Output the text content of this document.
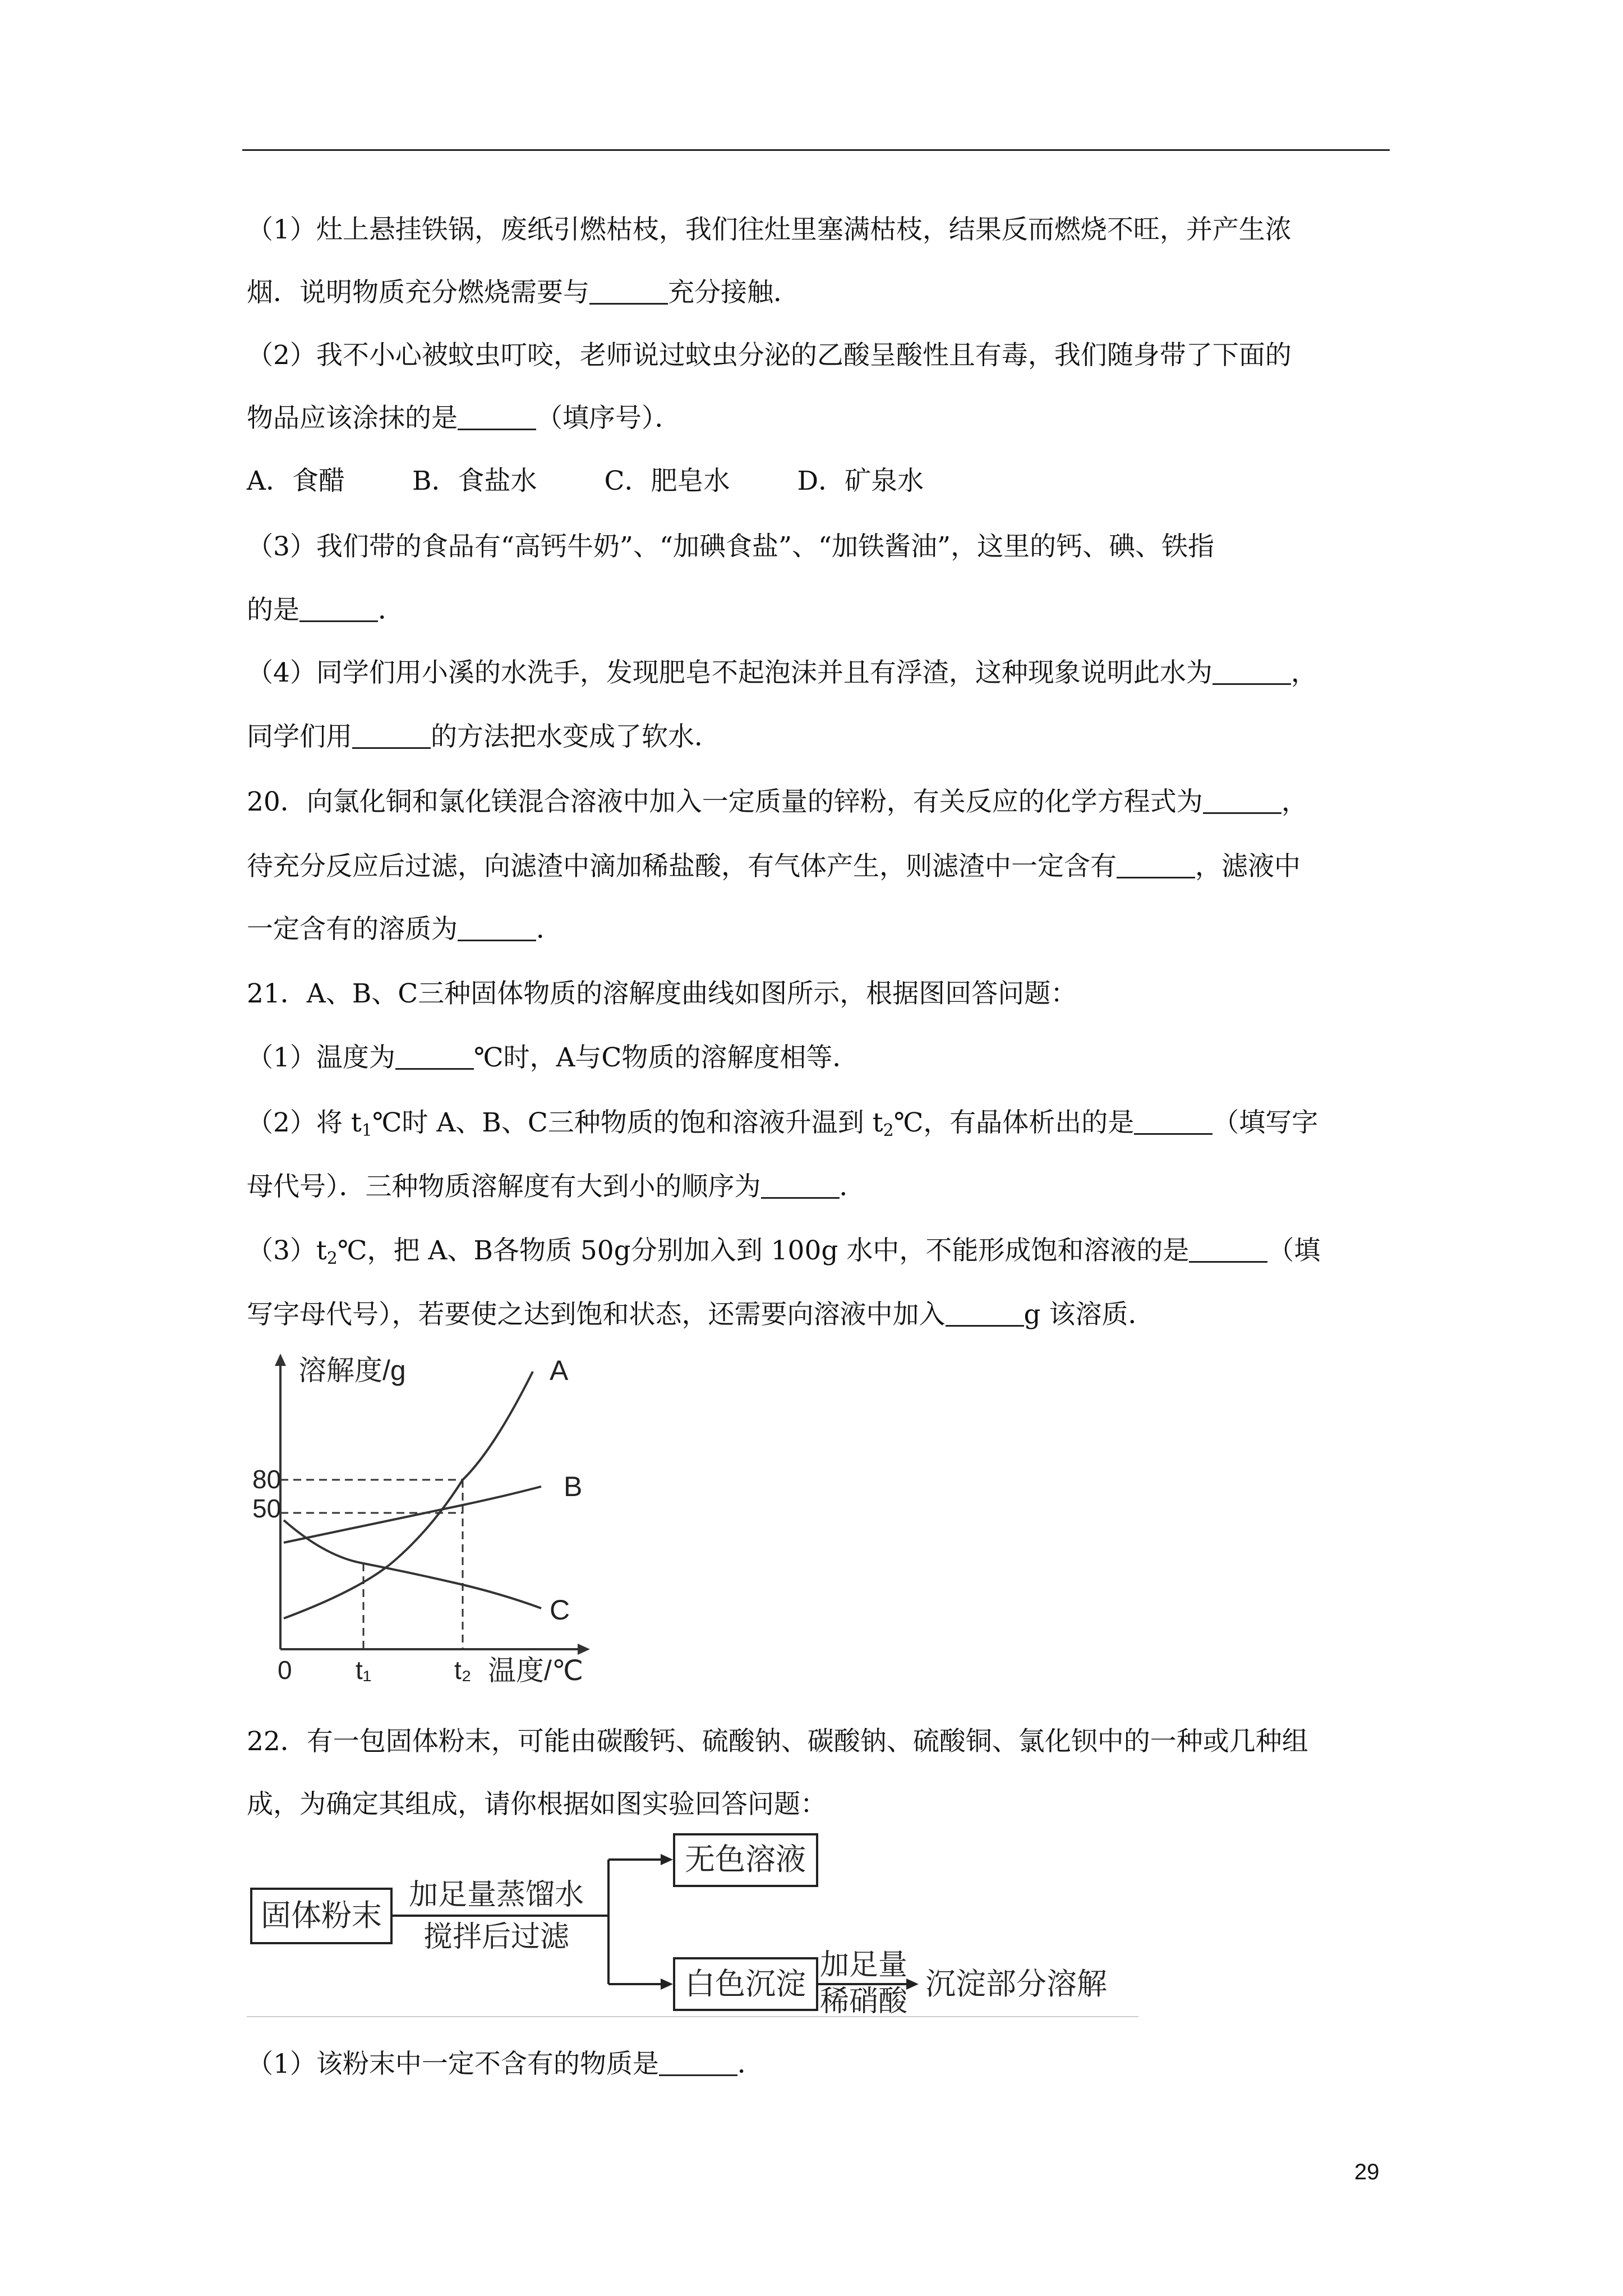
（1）灶上悬挂铁锅，废纸引燃枯枝，我们往灶里塞满枯枝，结果反而燃烧不旺，并产生浓
烟．说明物质充分燃烧需要与	充分接触．
（2）我不小心被蚊虫叮咬，老师说过蚊虫分泌的乙酸呈酸性且有毒，我们随身带了下面的
物品应该涂抹的是	（填序号）．
A．食醋	B．食盐水	C．肥皂水	D．矿泉水
（3）我们带的食品有“高钙牛奶”、“加碘食盐”、“加铁酱油”，这里的钙、碘、铁指
的是	．
（4）同学们用小溪的水洗手，发现肥皂不起泡沫并且有浮渣，这种现象说明此水为	，
同学们用	的方法把水变成了软水．
20．向氯化铜和氯化镁混合溶液中加入一定质量的锌粉，有关反应的化学方程式为	，
待充分反应后过滤，向滤渣中滴加稀盐酸，有气体产生，则滤渣中一定含有	，滤液中
一定含有的溶质为	．
21．A、B、C三种固体物质的溶解度曲线如图所示，根据图回答问题：
（1）温度为	℃时，A与C物质的溶解度相等．
（2）将 $t_1℃$时 A、B、C三种物质的饱和溶液升温到 $t_2℃$，有晶体析出的是	（填写字
母代号）．三种物质溶解度有大到小的顺序为	．
$(3)t_2℃$，把 A、B各物质 50g分别加入到 100g 水中，不能形成饱和溶液的是	（填
写字母代号），若要使之达到饱和状态，还需要向溶液中加入	g 该溶质．
溶解度/g
温度/℃
0 t₁	t₂
80
50
A
B
C
22．有一包固体粉末，可能由碳酸钙、硫酸钠、碳酸钠、硫酸铜、氯化钡中的一种或几种组
成，为确定其组成，请你根据如图实验回答问题：
固体粉末
加足量蒸馏水
搅拌后过滤
无色溶液
白色沉淀
加足量
稀硝酸
沉淀部分溶解
（1）该粉末中一定不含有的物质是	．
29
